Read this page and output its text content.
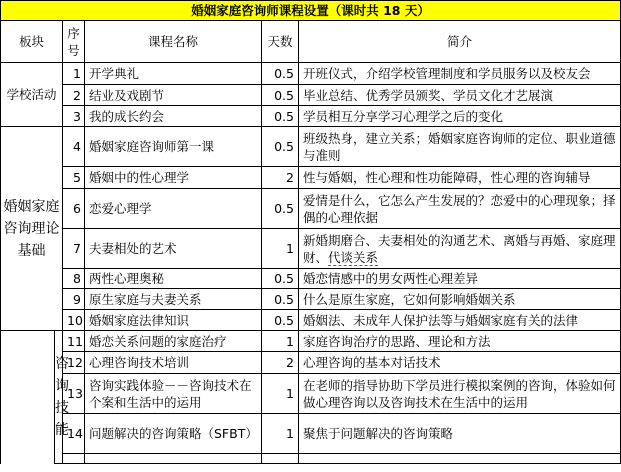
婚姻家庭咨询师课程设置（课时共 18 天）					
板块		序号	课程名称	天数	简介
学校活动		1	开学典礼	0.5	开班仪式，介绍学校管理制度和学员服务以及校友会
		2	结业及戏剧节	0.5	毕业总结、优秀学员颁奖、学员文化才艺展演
		3	我的成长约会	0.5	学员相互分享学习心理学之后的变化
婚姻家庭咨询理论基础		4	婚姻家庭咨询师第一课	0.5	班级热身，建立关系；婚姻家庭咨询师的定位、职业道德与准则
		5	婚姻中的性心理学	2	性与婚姻，性心理和性功能障碍，性心理的咨询辅导
		6	恋爱心理学	0.5	爱情是什么，它怎么产生发展的？恋爱中的心理现象；择偶的心理依据
		7	夫妻相处的艺术	1	新婚期磨合、夫妻相处的沟通艺术、离婚与再婚、家庭理财、代谈关系
		8	两性心理奥秘	0.5	婚恋情感中的男女两性心理差异
		9	原生家庭与夫妻关系	0.5	什么是原生家庭，它如何影响婚姻关系
		10	婚姻家庭法律知识	0.5	婚姻法、未成年人保护法等与婚姻家庭有关的法律
	咨询技能	11	婚恋关系问题的家庭治疗	1	家庭咨询治疗的思路、理论和方法
		12	心理咨询技术培训	2	心理咨询的基本对话技术
		13	咨询实践体验－－咨询技术在个案和生活中的运用	1	在老师的指导协助下学员进行模拟案例的咨询，体验如何做心理咨询以及咨询技术在生活中的运用
		14	问题解决的咨询策略（SFBT）	1	聚焦于问题解决的咨询策略
